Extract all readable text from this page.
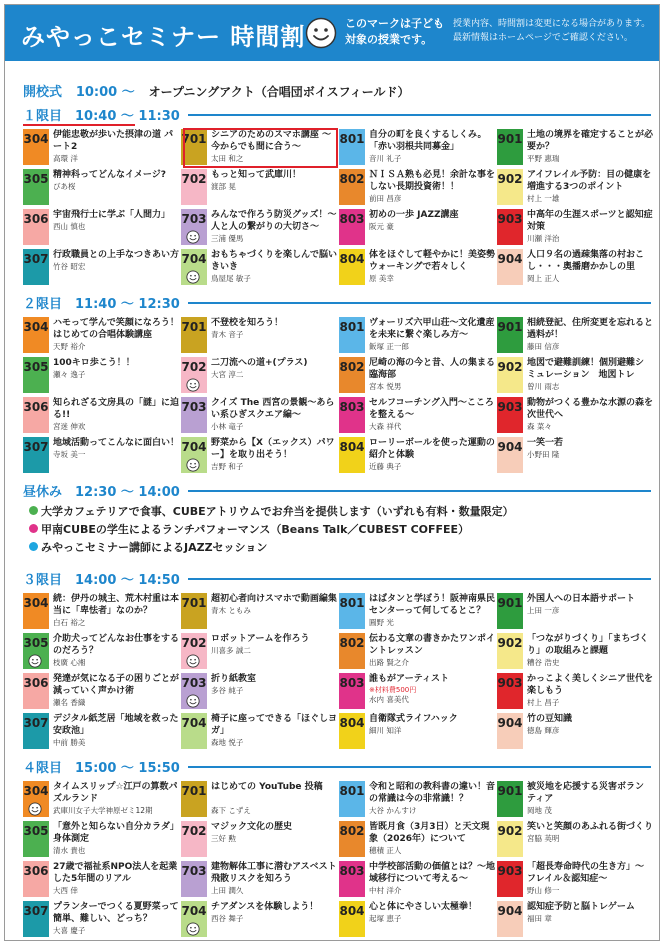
みやっこセミナー 時間割	このマークは子ども
対象の授業です。
授業内容、時間割は変更になる場合があります。
最新情報はホームページでご確認ください。
開校式 10:00 〜 オープニングアクト（合唱団ボイスフィールド）
１限目　10:40 〜 11:30
304 伊能忠敬が歩いた摂津の道 パート2
高環 洋
701 シニアのためのスマホ講座 〜今からでも間に合う〜
太田 和之
801 自分の町を良くするしくみ。「赤い羽根共同募金」
音川 礼子
901 土地の境界を確定することが必要か？
平野 惠瑞
305 精神科ってどんなイメージ?
びあ桜
702 もっと知って武庫川！
渡部 晃
802 ＮＩＳＡ熟も必見！余計な事をしない長期投資術！！
前田 昌彦
902 アイフレイル予防：目の健康を増進する3つのポイント
村上 一雄
306 宇宙飛行士に学ぶ「人間力」
西山 慎也
703 みんなで作ろう防災グッズ！〜人と人の繋がりの大切さ〜
三浦 優馬
803 初めの一歩 JAZZ講座
阪元 豪
903 中高年の生涯スポーツと認知症対策
川瀬 洋治
307 行政職員との上手なつきあい方
竹谷 昭宏
704 おもちゃづくりを楽しんで脳いきいき
鳥屋尾 敏子
804 体をほぐして軽やかに！美姿勢ウォーキングで若々しく
原 美幸
904 人口９名の過疎集落の村おこし・・・奥播磨かかしの里
岡上 正人
２限目　11:40 〜 12:30
304 ハモって学んで笑顔になろう！はじめての合唱体験講座
天野 裕介
701 不登校を知ろう！
青木 音子
801 ヴォーリズ六甲山荘〜文化遺産を未来に繋ぐ楽しみ方〜
飯塚 正一郎
901 相続登記、住所変更を忘れると過料が！
藤田 信彦
305 100キロ歩こう！！
瀬々 逸子
702 二刀流への道+(プラス)
大宮 淳二
802 尼崎の海の今と昔、人の集まる臨海部
宮本 悦男
902 地図で避難訓練！個別避難シミュレーション　地図トレ
曾川 雨志
306 知られざる文房具の「謎」に迫る!!
宮迷 伸欢
703 クイズ The 西宮の景観〜あらい系ひぎスクエア編〜
小林 竜子
803 セルフコーチング入門〜こころを整える〜
大森 祥代
903 動物がつくる豊かな水源の森を次世代へ
森 菜々
307 地域活動ってこんなに面白い！
寺坂 美一
704 野菜から【X（エックス）パワー】を取り出そう！
吉野 和子
804 ローリーボールを使った運動の紹介と体験
近藤 典子
904 一笑一若
小野田 隆
３限目　14:00 〜 14:50
304 続：伊丹の城主、荒木村重は本当に「卑怯者」なのか？
白石 裕之
701 超初心者向けスマホで動画編集
青木 ともみ
801 はばタンと学ぼう！阪神南県民センターって何してるとこ？
圓野 光
901 外国人への日本語サポート
上田 一彦
305 介助犬ってどんなお仕事をするのだろう？
枝廣 心湘
702 ロボットアームを作ろう
川喜多 誠二
802 伝わる文章の書きかたワンポイントレッスン
出路 賢之介
902 「つながりづくり」「まちづくり」の取組みと課題
糟谷 浩史
306 発達が気になる子の困りごとが減っていく声かけ術
瀬名 香織
703 折り紙教室
多谷 純子
803 誰もがアーティスト
※材料費500円
水内 喜美代
903 かっこよく美しくシニア世代を楽しもう
村上 昌子
307 デジタル紙芝居「地域を救った安政池」
中前 勝美
704 椅子に座ってできる「ほぐしヨガ」
森地 悦子
804 自衛隊式ライフハック
細川 知洋
904 竹の豆知識
徳島 輝彦
４限目　15:00 〜 15:50
304 タイムスリップ☆江戸の算数パズルランド
武庫川女子大学神原ゼミ12期
701 はじめての YouTube 投稿
森下 こずえ
801 令和と昭和の教科書の違い！音の常識は今の非常識！？
大谷 かんすけ
901 被災地を応援する災害ボランティア
岡地 茂
305 「意外と知らない自分カラダ」身体測定
清水 貴也
702 マジック文化の歴史
三好 勲
802 皆既月食（3月3日）と天文現象（2026年）について
穂積 正人
902 笑いと笑顔のあふれる街づくり
宮脇 英明
306 27歳で福祉系NPO法人を起業した5年間のリアル
大西 倖
703 建物解体工事に潜むアスベスト飛散リスクを知ろう
上田 潤久
803 中学校部活動の価値とは？〜地域移行について考える〜
中村 洋介
903 「超長寿命時代の生き方」〜フレイル＆認知症〜
野山 修一
307 プランターでつくる夏野菜って簡単、難しい、どっち？
大喜 慶子
704 チアダンスを体験しよう！
西谷 舞子
804 心と体にやさしい太極拳！
起塚 恵子
904 認知症予防と脳トレゲーム
福田 章
昼休み　12:30 〜 14:00
大学カフェテリアで食事、CUBEアトリウムでお弁当を提供します（いずれも有料・数量限定）
甲南CUBEの学生によるランチパフォーマンス（Beans Talk／CUBEST COFFEE）
みやっこセミナー講師によるJAZZセッション
